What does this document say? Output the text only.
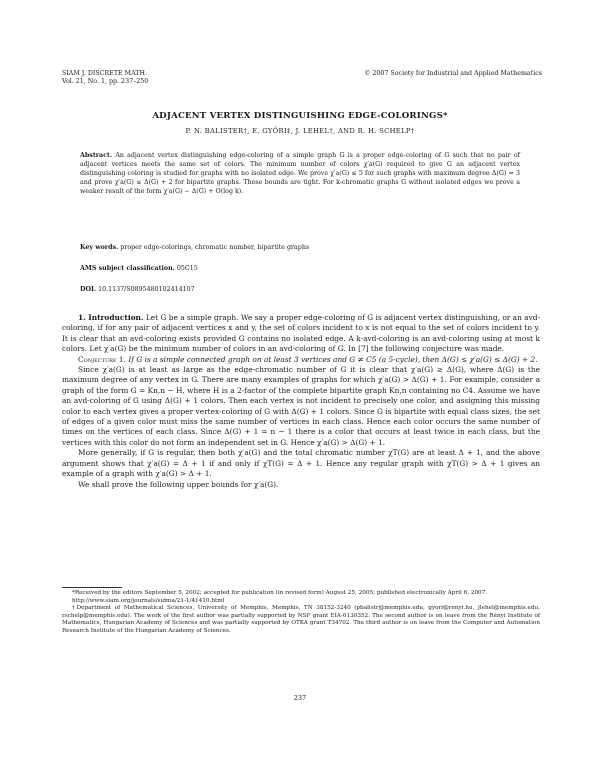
SIAM J. DISCRETE MATH.
Vol. 21, No. 1, pp. 237–250
© 2007 Society for Industrial and Applied Mathematics
ADJACENT VERTEX DISTINGUISHING EDGE-COLORINGS*
P. N. BALISTER†, E. GYŐRI‡, J. LEHEL†, AND R. H. SCHELP†
Abstract. An adjacent vertex distinguishing edge-coloring of a simple graph G is a proper edge-coloring of G such that no pair of adjacent vertices meets the same set of colors. The minimum number of colors χ′a(G) required to give G an adjacent vertex distinguishing coloring is studied for graphs with no isolated edge. We prove χ′a(G) ≤ 5 for such graphs with maximum degree Δ(G) = 3 and prove χ′a(G) ≤ Δ(G) + 2 for bipartite graphs. These bounds are tight. For k-chromatic graphs G without isolated edges we prove a weaker result of the form χ′a(G) − Δ(G) + O(log k).
Key words. proper edge-colorings, chromatic number, bipartite graphs
AMS subject classification. 05C15
DOI. 10.1137/S0895480102414107

1. Introduction. Let G be a simple graph. We say a proper edge-coloring of G is adjacent vertex distinguishing, or an avd-coloring, if for any pair of adjacent vertices x and y, the set of colors incident to x is not equal to the set of colors incident to y. It is clear that an avd-coloring exists provided G contains no isolated edge. A k-avd-coloring is an avd-coloring using at most k colors. Let χ′a(G) be the minimum number of colors in an avd-coloring of G. In [7] the following conjecture was made.

Conjecture 1. If G is a simple connected graph on at least 3 vertices and G ≠ C5 (a 5-cycle), then Δ(G) ≤ χ′a(G) ≤ Δ(G) + 2.

Since χ′a(G) is at least as large as the edge-chromatic number of G it is clear that χ′a(G) ≥ Δ(G), where Δ(G) is the maximum degree of any vertex in G. There are many examples of graphs for which χ′a(G) > Δ(G) + 1. For example, consider a graph of the form G = Kn,n − H, where H is a 2-factor of the complete bipartite graph Kn,n containing no C4. Assume we have an avd-coloring of G using Δ(G) + 1 colors. Then each vertex is not incident to precisely one color, and assigning this missing color to each vertex gives a proper vertex-coloring of G with Δ(G) + 1 colors. Since G is bipartite with equal class sizes, the set of edges of a given color must miss the same number of vertices in each class. Hence each color occurs the same number of times on the vertices of each class. Since Δ(G) + 1 = n − 1 there is a color that occurs at least twice in each class, but the vertices with this color do not form an independent set in G. Hence χ′a(G) > Δ(G) + 1.

More generally, if G is regular, then both χ′a(G) and the total chromatic number χT(G) are at least Δ + 1, and the above argument shows that χ′a(G) = Δ + 1 if and only if χT(G) = Δ + 1. Hence any regular graph with χT(G) > Δ + 1 gives an example of a graph with χ′a(G) > Δ + 1.

We shall prove the following upper bounds for χ′a(G).

*Received by the editors September 5, 2002; accepted for publication (in revised form) August 25, 2005; published electronically April 6, 2007.

http://www.siam.org/journals/sidma/21-1/41410.html

†Department of Mathematical Sciences, University of Memphis, Memphis, TN 38152-3240 (pbalistr@memphis.edu, gyori@renyi.hu, jlehel@memphis.edu, rschelp@memphis.edu). The work of the first author was partially supported by NSF grant EIA-0130352. The second author is on leave from the Rényi Institute of Mathematics, Hungarian Academy of Sciences and was partially supported by OTKA grant T34702. The third author is on leave from the Computer and Automation Research Institute of the Hungarian Academy of Sciences.

237
